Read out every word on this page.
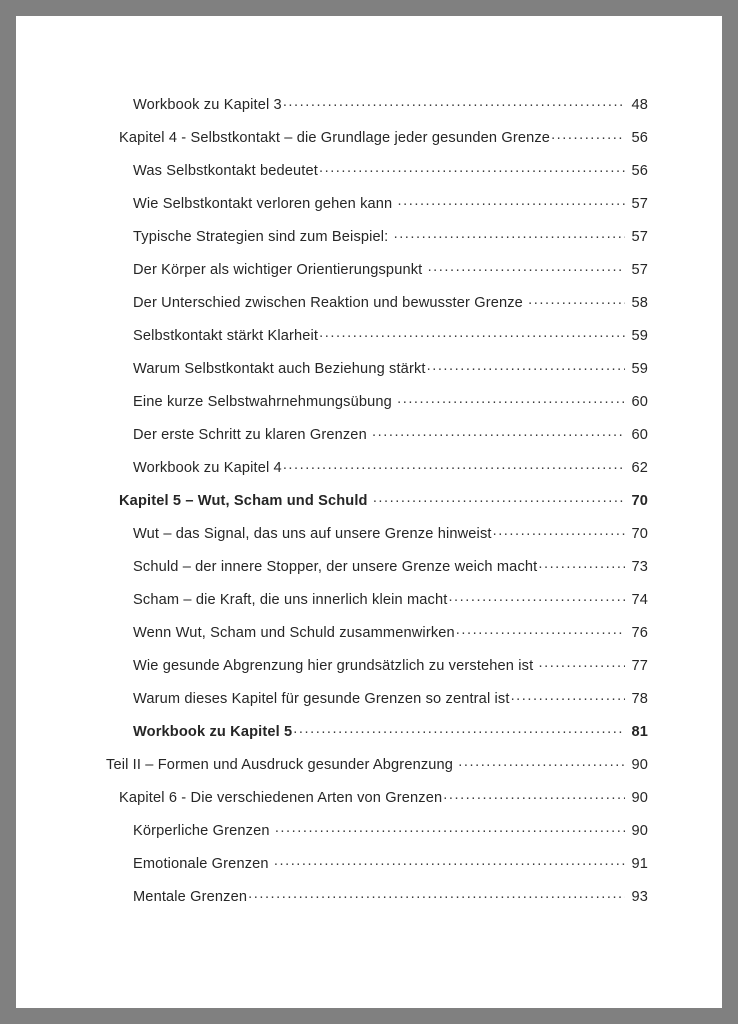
Workbook zu Kapitel 3 .....	48
Kapitel 4 - Selbstkontakt – die Grundlage jeder gesunden Grenze .....	56
Was Selbstkontakt bedeutet .....	56
Wie Selbstkontakt verloren gehen kann .....	57
Typische Strategien sind zum Beispiel: .....	57
Der Körper als wichtiger Orientierungspunkt .....	57
Der Unterschied zwischen Reaktion und bewusster Grenze .....	58
Selbstkontakt stärkt Klarheit .....	59
Warum Selbstkontakt auch Beziehung stärkt .....	59
Eine kurze Selbstwahrnehmungsübung .....	60
Der erste Schritt zu klaren Grenzen .....	60
Workbook zu Kapitel 4 .....	62
Kapitel 5 – Wut, Scham und Schuld .....	70
Wut – das Signal, das uns auf unsere Grenze hinweist .....	70
Schuld – der innere Stopper, der unsere Grenze weich macht .....	73
Scham – die Kraft, die uns innerlich klein macht .....	74
Wenn Wut, Scham und Schuld zusammenwirken .....	76
Wie gesunde Abgrenzung hier grundsätzlich zu verstehen ist .....	77
Warum dieses Kapitel für gesunde Grenzen so zentral ist .....	78
Workbook zu Kapitel 5 .....	81
Teil II – Formen und Ausdruck gesunder Abgrenzung .....	90
Kapitel 6 - Die verschiedenen Arten von Grenzen .....	90
Körperliche Grenzen .....	90
Emotionale Grenzen .....	91
Mentale Grenzen .....	93
